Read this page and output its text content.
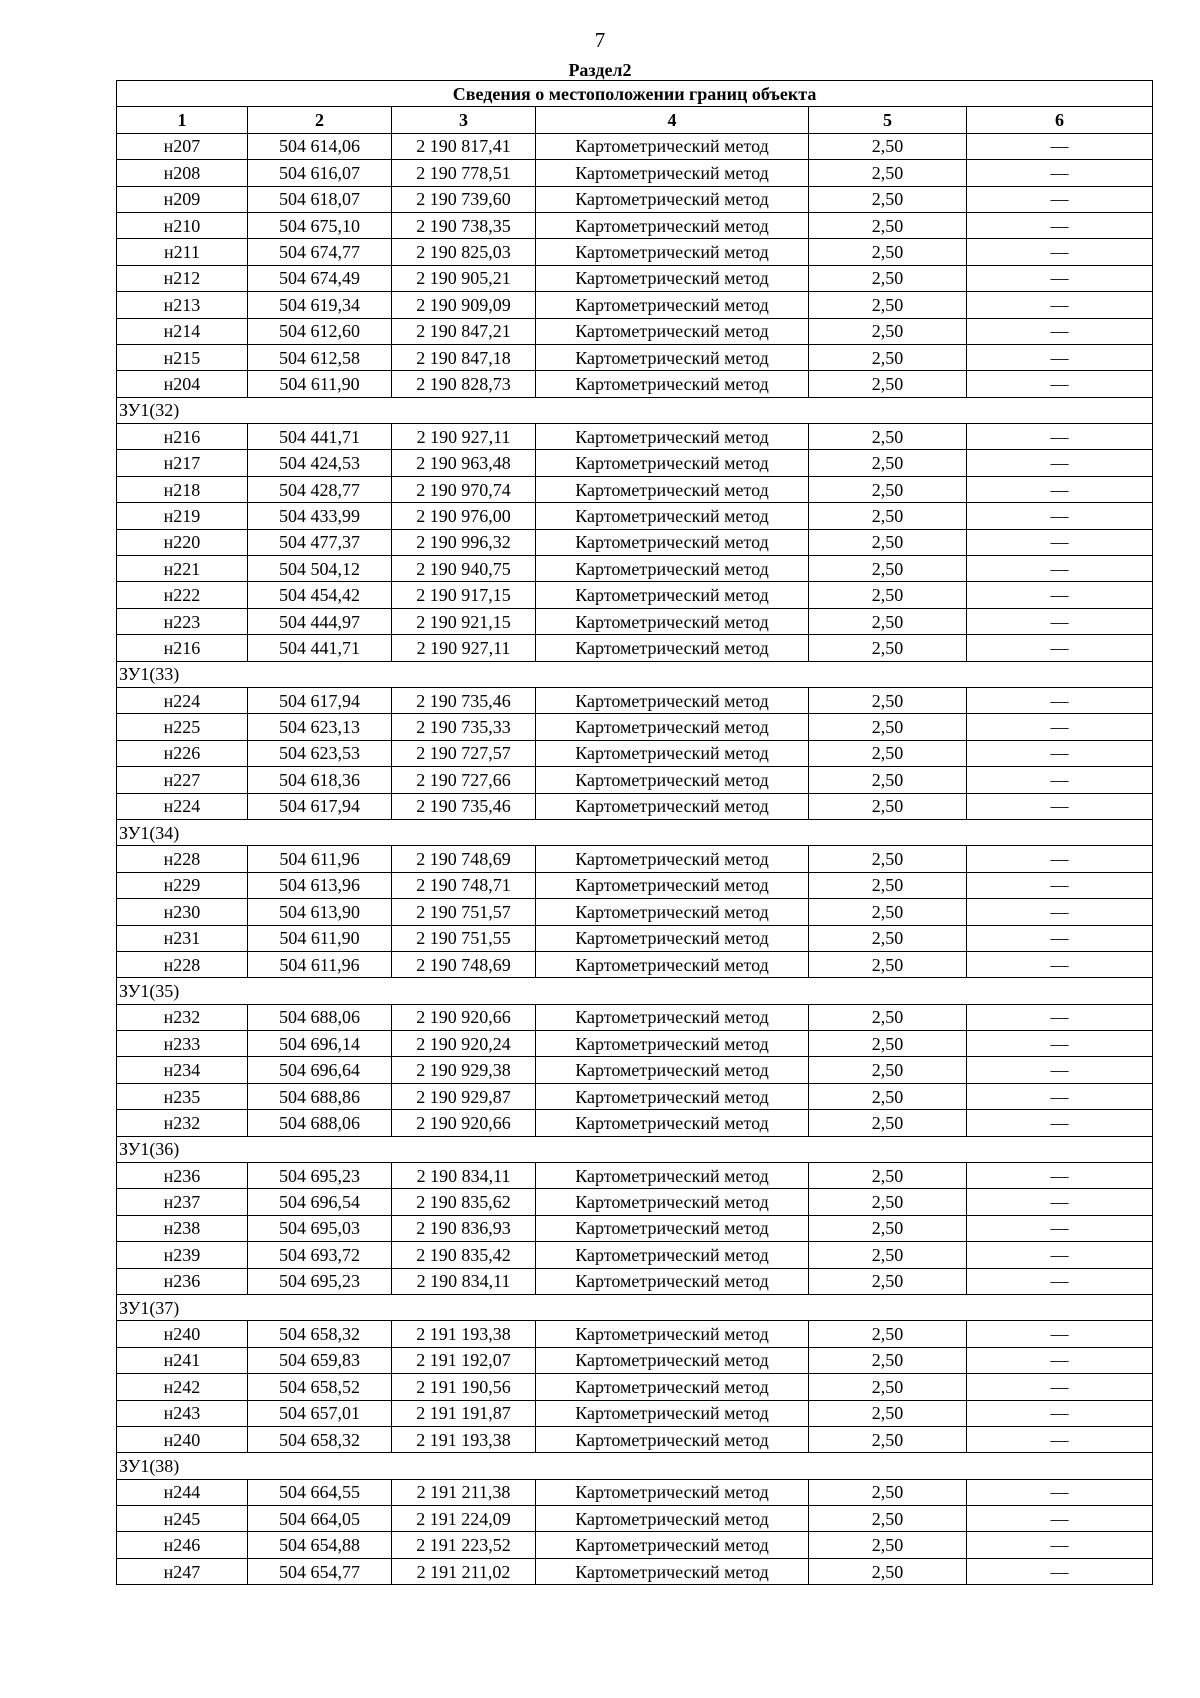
7
Раздел2
Сведения о местоположении границ объекта					
1	2	3	4	5	6
н207	504 614,06	2 190 817,41	Картометрический метод	2,50	—
н208	504 616,07	2 190 778,51	Картометрический метод	2,50	—
н209	504 618,07	2 190 739,60	Картометрический метод	2,50	—
н210	504 675,10	2 190 738,35	Картометрический метод	2,50	—
н211	504 674,77	2 190 825,03	Картометрический метод	2,50	—
н212	504 674,49	2 190 905,21	Картометрический метод	2,50	—
н213	504 619,34	2 190 909,09	Картометрический метод	2,50	—
н214	504 612,60	2 190 847,21	Картометрический метод	2,50	—
н215	504 612,58	2 190 847,18	Картометрический метод	2,50	—
н204	504 611,90	2 190 828,73	Картометрический метод	2,50	—
ЗУ1(32)					
н216	504 441,71	2 190 927,11	Картометрический метод	2,50	—
н217	504 424,53	2 190 963,48	Картометрический метод	2,50	—
н218	504 428,77	2 190 970,74	Картометрический метод	2,50	—
н219	504 433,99	2 190 976,00	Картометрический метод	2,50	—
н220	504 477,37	2 190 996,32	Картометрический метод	2,50	—
н221	504 504,12	2 190 940,75	Картометрический метод	2,50	—
н222	504 454,42	2 190 917,15	Картометрический метод	2,50	—
н223	504 444,97	2 190 921,15	Картометрический метод	2,50	—
н216	504 441,71	2 190 927,11	Картометрический метод	2,50	—
ЗУ1(33)					
н224	504 617,94	2 190 735,46	Картометрический метод	2,50	—
н225	504 623,13	2 190 735,33	Картометрический метод	2,50	—
н226	504 623,53	2 190 727,57	Картометрический метод	2,50	—
н227	504 618,36	2 190 727,66	Картометрический метод	2,50	—
н224	504 617,94	2 190 735,46	Картометрический метод	2,50	—
ЗУ1(34)					
н228	504 611,96	2 190 748,69	Картометрический метод	2,50	—
н229	504 613,96	2 190 748,71	Картометрический метод	2,50	—
н230	504 613,90	2 190 751,57	Картометрический метод	2,50	—
н231	504 611,90	2 190 751,55	Картометрический метод	2,50	—
н228	504 611,96	2 190 748,69	Картометрический метод	2,50	—
ЗУ1(35)					
н232	504 688,06	2 190 920,66	Картометрический метод	2,50	—
н233	504 696,14	2 190 920,24	Картометрический метод	2,50	—
н234	504 696,64	2 190 929,38	Картометрический метод	2,50	—
н235	504 688,86	2 190 929,87	Картометрический метод	2,50	—
н232	504 688,06	2 190 920,66	Картометрический метод	2,50	—
ЗУ1(36)					
н236	504 695,23	2 190 834,11	Картометрический метод	2,50	—
н237	504 696,54	2 190 835,62	Картометрический метод	2,50	—
н238	504 695,03	2 190 836,93	Картометрический метод	2,50	—
н239	504 693,72	2 190 835,42	Картометрический метод	2,50	—
н236	504 695,23	2 190 834,11	Картометрический метод	2,50	—
ЗУ1(37)					
н240	504 658,32	2 191 193,38	Картометрический метод	2,50	—
н241	504 659,83	2 191 192,07	Картометрический метод	2,50	—
н242	504 658,52	2 191 190,56	Картометрический метод	2,50	—
н243	504 657,01	2 191 191,87	Картометрический метод	2,50	—
н240	504 658,32	2 191 193,38	Картометрический метод	2,50	—
ЗУ1(38)					
н244	504 664,55	2 191 211,38	Картометрический метод	2,50	—
н245	504 664,05	2 191 224,09	Картометрический метод	2,50	—
н246	504 654,88	2 191 223,52	Картометрический метод	2,50	—
н247	504 654,77	2 191 211,02	Картометрический метод	2,50	—
